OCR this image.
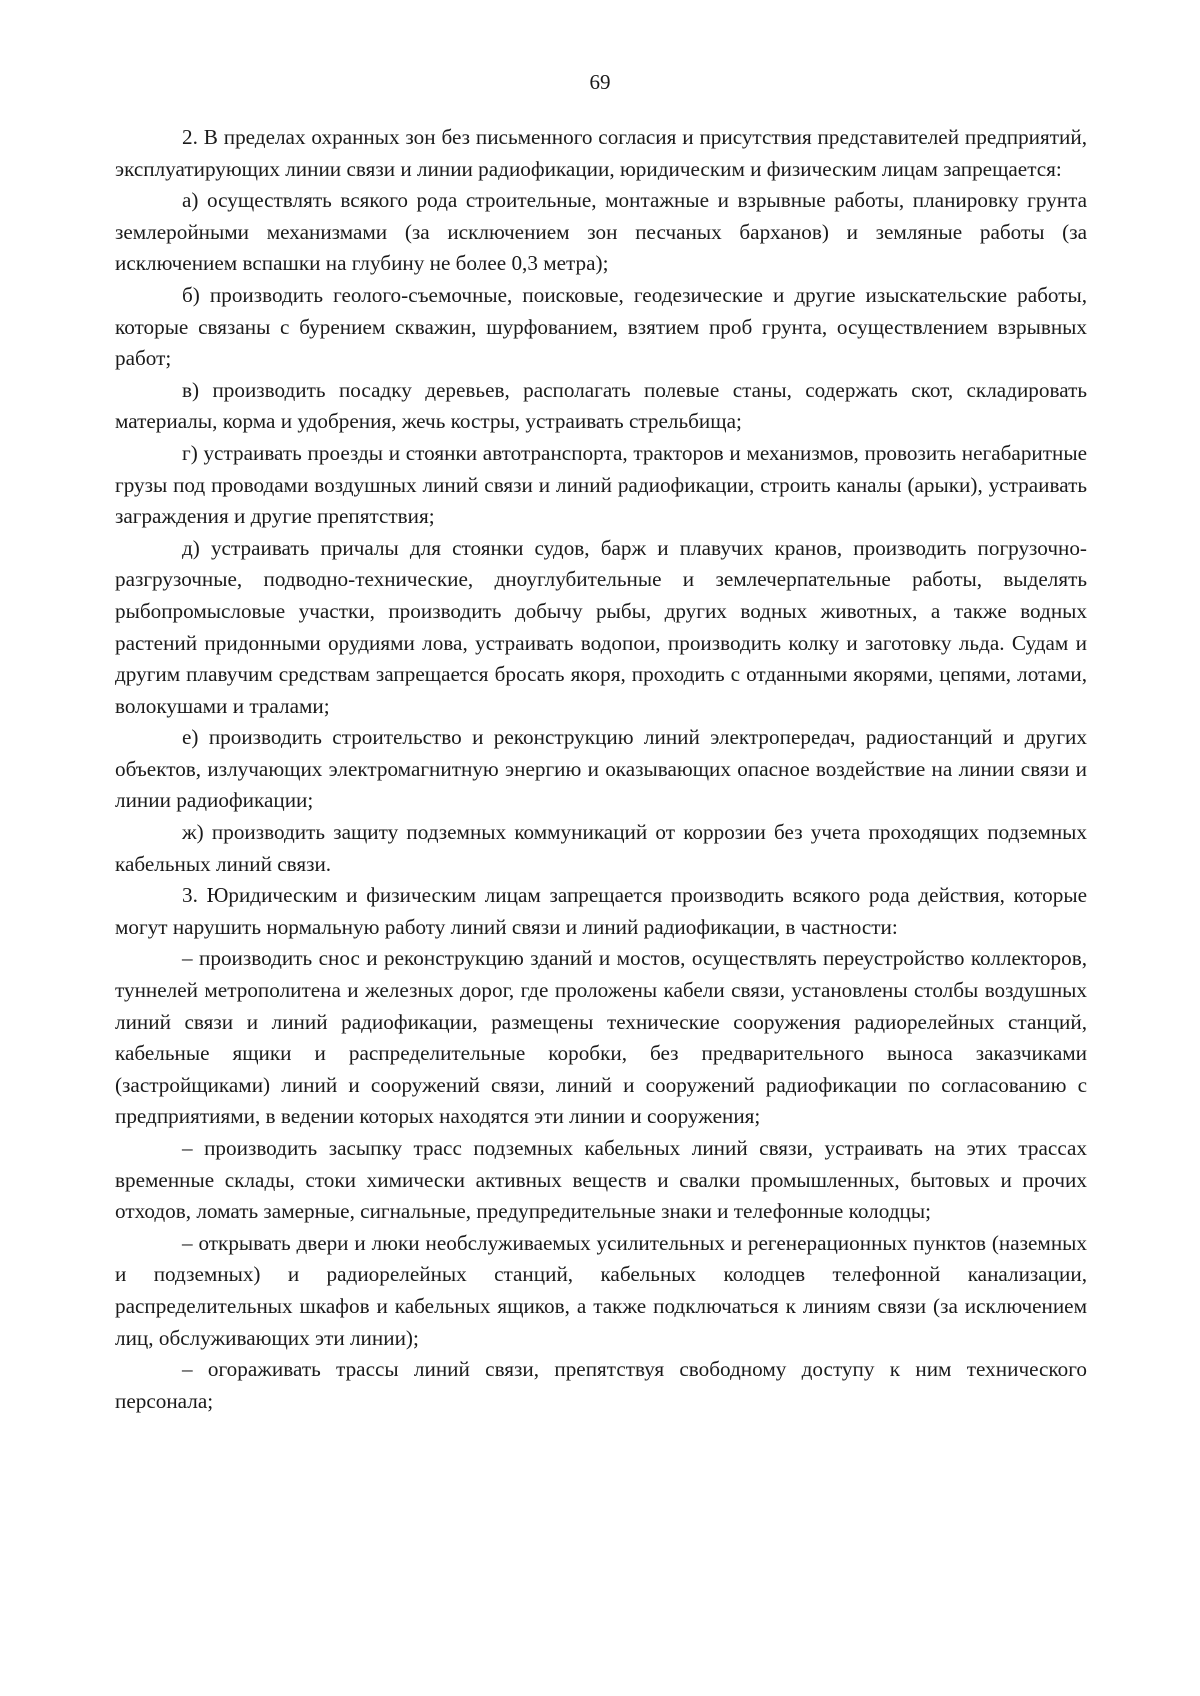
69

2. В пределах охранных зон без письменного согласия и присутствия представителей предприятий, эксплуатирующих линии связи и линии радиофикации, юридическим и физическим лицам запрещается:

а) осуществлять всякого рода строительные, монтажные и взрывные работы, планировку грунта землеройными механизмами (за исключением зон песчаных барханов) и земляные работы (за исключением вспашки на глубину не более 0,3 метра);

б) производить геолого-съемочные, поисковые, геодезические и другие изыскательские работы, которые связаны с бурением скважин, шурфованием, взятием проб грунта, осуществлением взрывных работ;

в) производить посадку деревьев, располагать полевые станы, содержать скот, складировать материалы, корма и удобрения, жечь костры, устраивать стрельбища;

г) устраивать проезды и стоянки автотранспорта, тракторов и механизмов, провозить негабаритные грузы под проводами воздушных линий связи и линий радиофикации, строить каналы (арыки), устраивать заграждения и другие препятствия;

д) устраивать причалы для стоянки судов, барж и плавучих кранов, производить погрузочно-разгрузочные, подводно-технические, дноуглубительные и землечерпательные работы, выделять рыбопромысловые участки, производить добычу рыбы, других водных животных, а также водных растений придонными орудиями лова, устраивать водопои, производить колку и заготовку льда. Судам и другим плавучим средствам запрещается бросать якоря, проходить с отданными якорями, цепями, лотами, волокушами и тралами;

е) производить строительство и реконструкцию линий электропередач, радиостанций и других объектов, излучающих электромагнитную энергию и оказывающих опасное воздействие на линии связи и линии радиофикации;

ж) производить защиту подземных коммуникаций от коррозии без учета проходящих подземных кабельных линий связи.

3. Юридическим и физическим лицам запрещается производить всякого рода действия, которые могут нарушить нормальную работу линий связи и линий радиофикации, в частности:

– производить снос и реконструкцию зданий и мостов, осуществлять переустройство коллекторов, туннелей метрополитена и железных дорог, где проложены кабели связи, установлены столбы воздушных линий связи и линий радиофикации, размещены технические сооружения радиорелейных станций, кабельные ящики и распределительные коробки, без предварительного выноса заказчиками (застройщиками) линий и сооружений связи, линий и сооружений радиофикации по согласованию с предприятиями, в ведении которых находятся эти линии и сооружения;

– производить засыпку трасс подземных кабельных линий связи, устраивать на этих трассах временные склады, стоки химически активных веществ и свалки промышленных, бытовых и прочих отходов, ломать замерные, сигнальные, предупредительные знаки и телефонные колодцы;

– открывать двери и люки необслуживаемых усилительных и регенерационных пунктов (наземных и подземных) и радиорелейных станций, кабельных колодцев телефонной канализации, распределительных шкафов и кабельных ящиков, а также подключаться к линиям связи (за исключением лиц, обслуживающих эти линии);

– огораживать трассы линий связи, препятствуя свободному доступу к ним технического персонала;
